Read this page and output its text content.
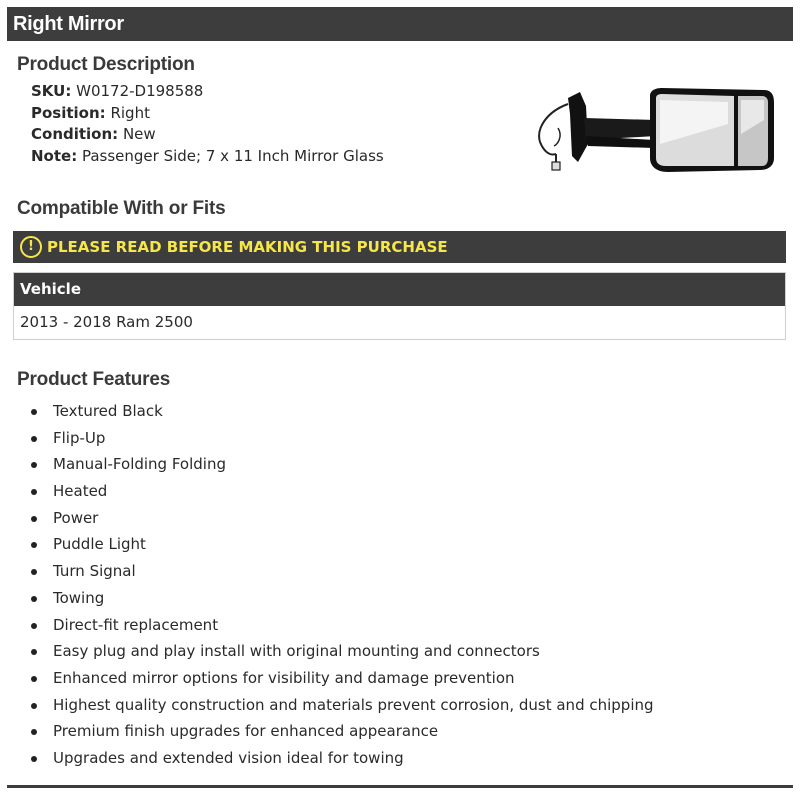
Right Mirror
Product Description
SKU: W0172-D198588
Position: Right
Condition: New
Note: Passenger Side; 7 x 11 Inch Mirror Glass
Compatible With or Fits
! PLEASE READ BEFORE MAKING THIS PURCHASE
Vehicle
2013 - 2018 Ram 2500
Product Features
Textured Black
Flip-Up
Manual-Folding Folding
Heated
Power
Puddle Light
Turn Signal
Towing
Direct-fit replacement
Easy plug and play install with original mounting and connectors
Enhanced mirror options for visibility and damage prevention
Highest quality construction and materials prevent corrosion, dust and chipping
Premium finish upgrades for enhanced appearance
Upgrades and extended vision ideal for towing
